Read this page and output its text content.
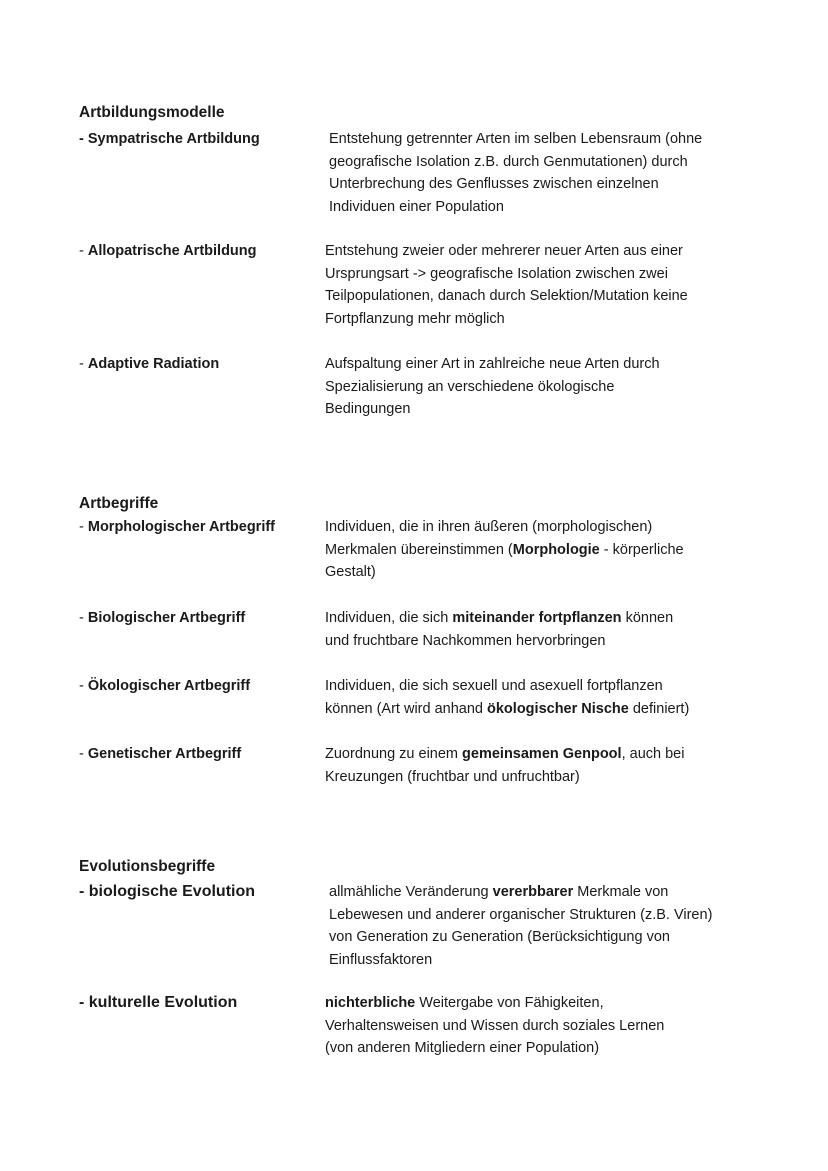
Artbildungsmodelle
- Sympatrische Artbildung	Entstehung getrennter Arten im selben Lebensraum (ohne
geografische Isolation z.B. durch Genmutationen) durch
Unterbrechung des Genflusses zwischen einzelnen
Individuen einer Population
- Allopatrische Artbildung	Entstehung zweier oder mehrerer neuer Arten aus einer
Ursprungsart -> geografische Isolation zwischen zwei
Teilpopulationen, danach durch Selektion/Mutation keine
Fortpflanzung mehr möglich
- Adaptive Radiation	Aufspaltung einer Art in zahlreiche neue Arten durch
Spezialisierung an verschiedene ökologische
Bedingungen
Artbegriffe
- Morphologischer Artbegriff	Individuen, die in ihren äußeren (morphologischen)
Merkmalen übereinstimmen (Morphologie - körperliche
Gestalt)
- Biologischer Artbegriff	Individuen, die sich miteinander fortpflanzen können
und fruchtbare Nachkommen hervorbringen
- Ökologischer Artbegriff	Individuen, die sich sexuell und asexuell fortpflanzen
können (Art wird anhand ökologischer Nische definiert)
- Genetischer Artbegriff	Zuordnung zu einem gemeinsamen Genpool, auch bei
Kreuzungen (fruchtbar und unfruchtbar)
Evolutionsbegriffe
- biologische Evolution	allmähliche Veränderung vererbbarer Merkmale von
Lebewesen und anderer organischer Strukturen (z.B. Viren)
von Generation zu Generation (Berücksichtigung von
Einflussfaktoren
- kulturelle Evolution	nichterbliche Weitergabe von Fähigkeiten,
Verhaltensweisen und Wissen durch soziales Lernen
(von anderen Mitgliedern einer Population)
